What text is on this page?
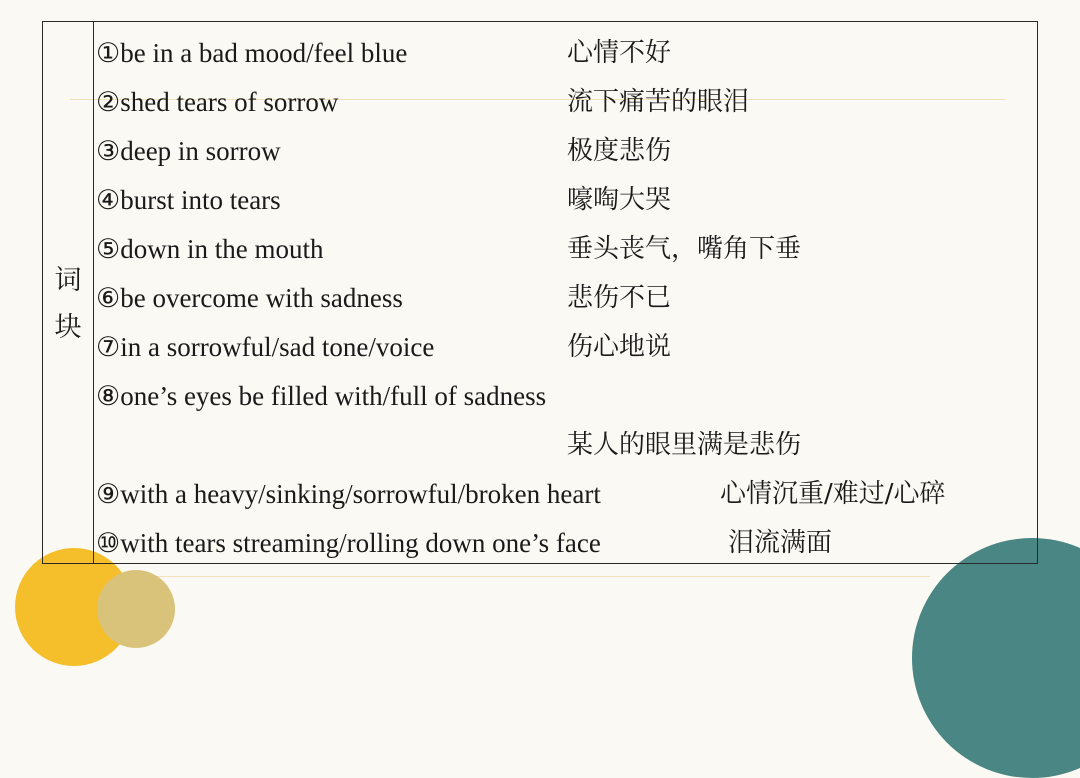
词块
①be in a bad mood/feel blue	心情不好
②shed tears of sorrow	流下痛苦的眼泪
③deep in sorrow	极度悲伤
④burst into tears	嚎啕大哭
⑤down in the mouth	垂头丧气，嘴角下垂
⑥be overcome with sadness	悲伤不已
⑦in a sorrowful/sad tone/voice	伤心地说
⑧one’s eyes be filled with/full of sadness
某人的眼里满是悲伤
⑨with a heavy/sinking/sorrowful/broken heart	心情沉重/难过/心碎
⑩with tears streaming/rolling down one’s face	泪流满面
